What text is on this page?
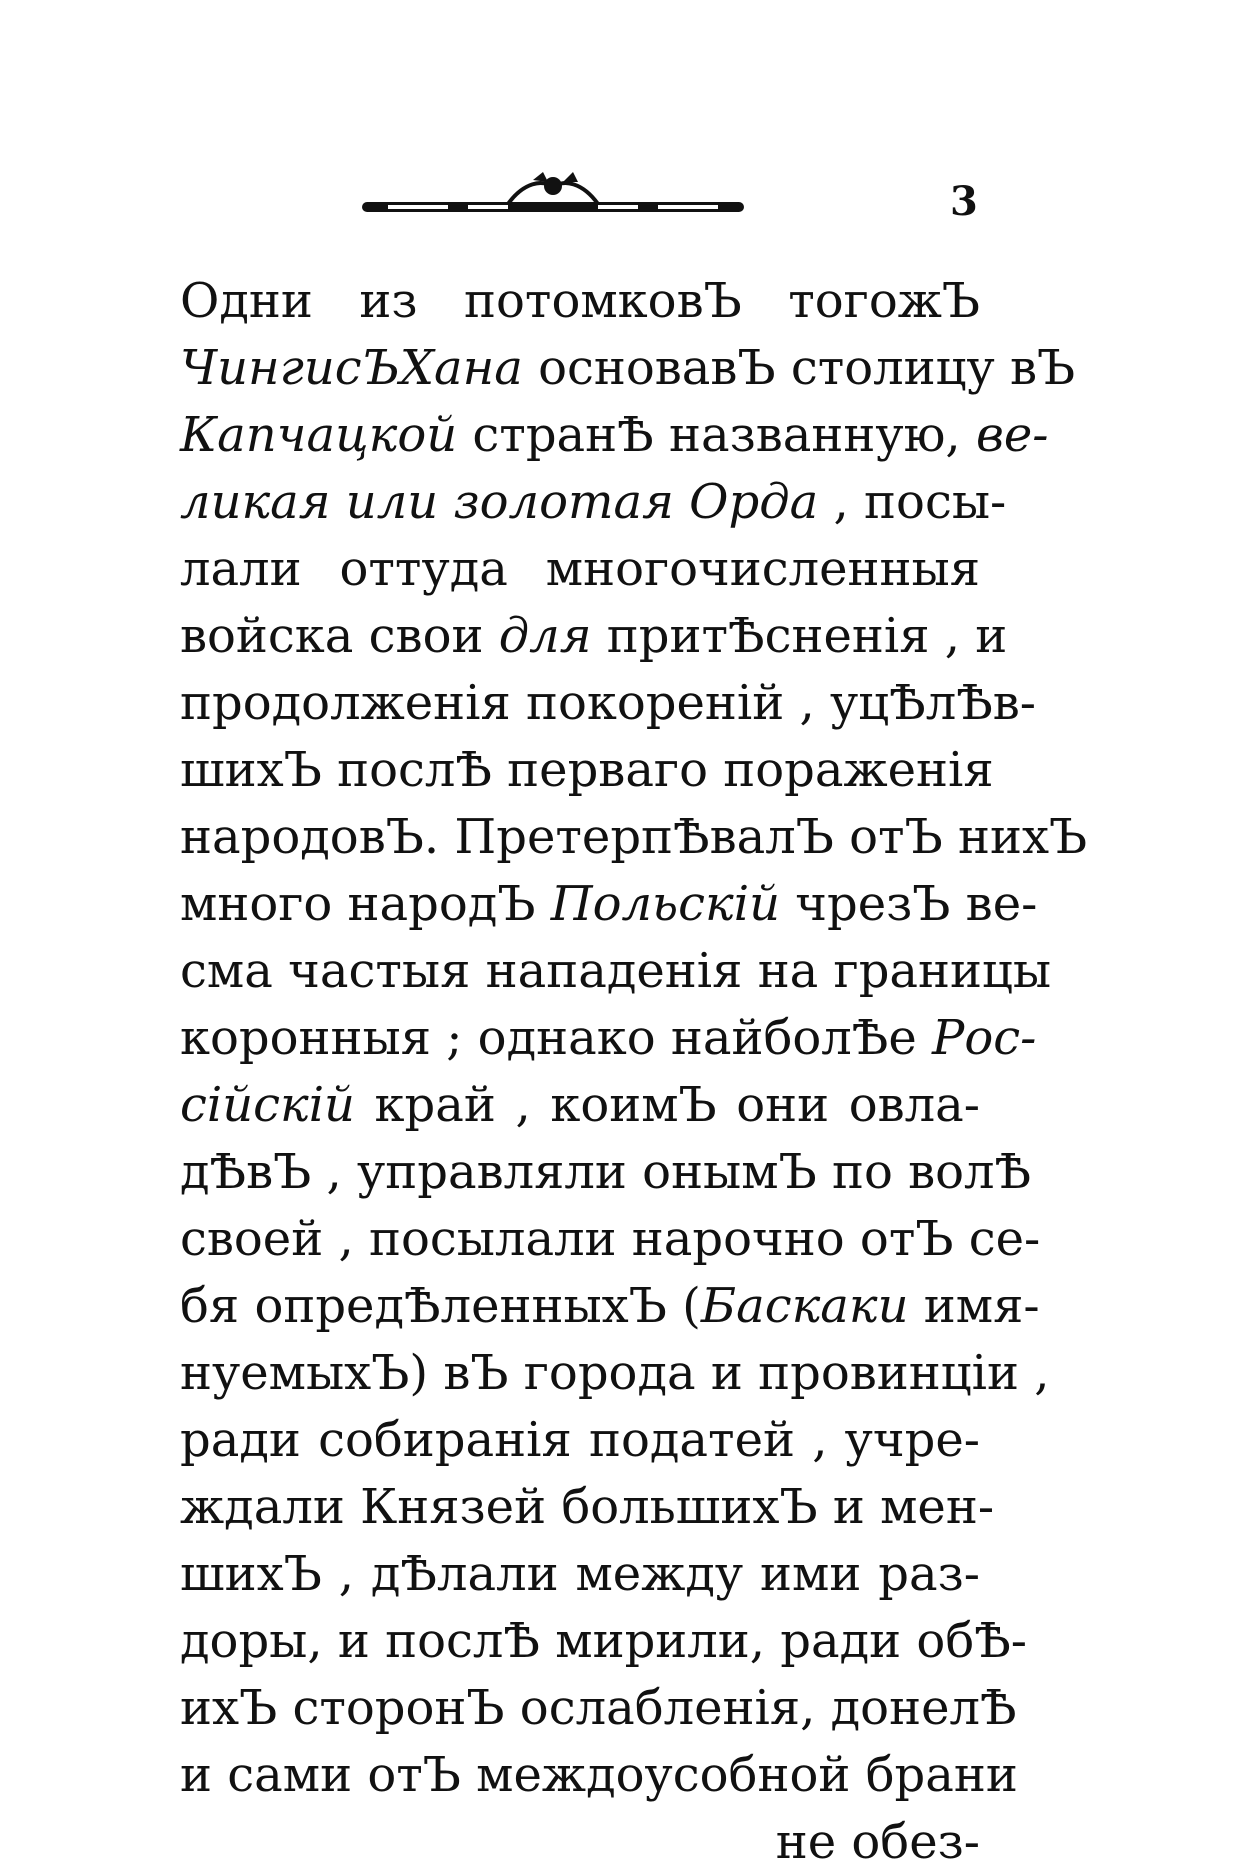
3
Одни из потомковЪ тогожЪ
ЧингисЪХана основавЪ столицу вЪ
Капчацкой странѢ названную, ве-
ликая или золотая Орда , посы-
лали оттуда многочисленныя
войска свои для притѢсненія , и
продолженія покореній , уцѢлѢв-
шихЪ послѢ перваго пораженія
народовЪ. ПретерпѢвалЪ отЪ нихЪ
много народЪ Польскій чрезЪ ве-
сма частыя нападенія на границы
коронныя ; однако найболѢе Рос-
сійскій край , коимЪ они овла-
дѢвЪ , управляли онымЪ по волѢ
своей , посылали нарочно отЪ се-
бя опредѢленныхЪ (Баскаки имя-
нуемыхЪ) вЪ города и провинціи ,
ради собиранія податей , учре-
ждали Князей большихЪ и мен-
шихЪ , дѢлали между ими раз-
доры, и послѢ мирили, ради обѢ-
ихЪ сторонЪ ослабленія, донелѢ
и сами отЪ междоусобной брани
не обез-
